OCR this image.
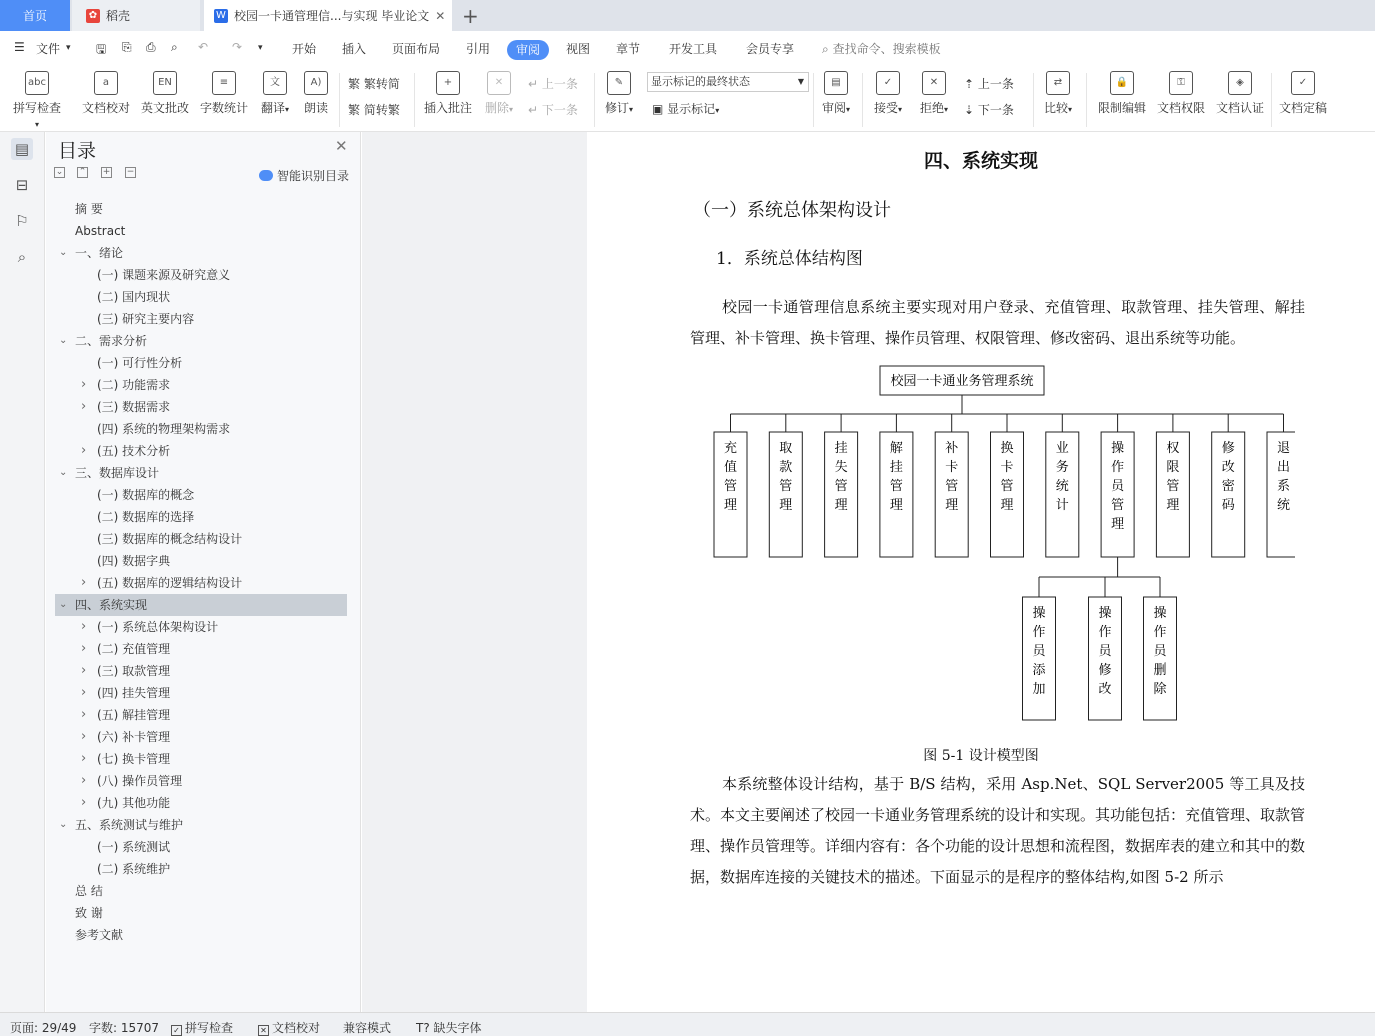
首页	✿ 稻壳	W 校园一卡通管理信...与实现 毕业论文 ✕ +
☰ 文件 ▾ 🖫 ⎘ ⎙ ⌕ ↶ ↷ ▾ 开始 插入 页面布局 引用	审阅	视图 章节 开发工具 会员专享 ⌕ 查找命令、搜索模板
abc
拼写检查▾
a
文档校对
EN
英文批改
≡
字数统计
文
翻译▾
A)
朗读
繁 繁转简
繁 简转繁
+
插入批注
✕
删除▾
↵ 上一条
↵ 下一条
✎
修订▾
显示标记的最终状态	▼
▣ 显示标记▾
▤
审阅▾
✓
接受▾
✕
拒绝▾
⇡ 上一条
⇣ 下一条
⇄
比较▾
🔒
限制编辑
⚿
文档权限
◈
文档认证
✓
文档定稿
▤
⊟
⚐
⌕
目录	✕
⌄ ⌃ + −	智能识别目录
摘 要
Abstract
⌄ 一、绪论
(一) 课题来源及研究意义
(二) 国内现状
(三) 研究主要内容
⌄ 二、需求分析
(一) 可行性分析
› (二) 功能需求
› (三) 数据需求
(四) 系统的物理架构需求
› (五) 技术分析
⌄ 三、数据库设计
(一) 数据库的概念
(二) 数据库的选择
(三) 数据库的概念结构设计
(四) 数据字典
› (五) 数据库的逻辑结构设计
⌄ 四、系统实现
› (一) 系统总体架构设计
› (二) 充值管理
› (三) 取款管理
› (四) 挂失管理
› (五) 解挂管理
› (六) 补卡管理
› (七) 换卡管理
› (八) 操作员管理
› (九) 其他功能
⌄ 五、系统测试与维护
(一) 系统测试
(二) 系统维护
总 结
致 谢
参考文献
四、系统实现
（一）系统总体架构设计
1．系统总体结构图
校园一卡通管理信息系统主要实现对用户登录、充值管理、取款管理、挂失管理、解挂管理、补卡管理、换卡管理、操作员管理、权限管理、修改密码、退出系统等功能。
校园一卡通业务管理系统
充值管理
取款管理
挂失管理
解挂管理
补卡管理
换卡管理
业务统计
操作员管理
权限管理
修改密码
退出系统
操作员添加
操作员修改
操作员删除
图 5-1 设计模型图
本系统整体设计结构，基于 B/S 结构，采用 Asp.Net、SQL Server2005 等工具及技术。本文主要阐述了校园一卡通业务管理系统的设计和实现。其功能包括：充值管理、取款管理、操作员管理等。详细内容有：各个功能的设计思想和流程图，数据库表的建立和其中的数据，数据库连接的关键技术的描述。下面显示的是程序的整体结构,如图 5-2 所示
页面: 29/49 字数: 15707 ✓ 拼写检查	✕ 文档校对 兼容模式 T? 缺失字体
